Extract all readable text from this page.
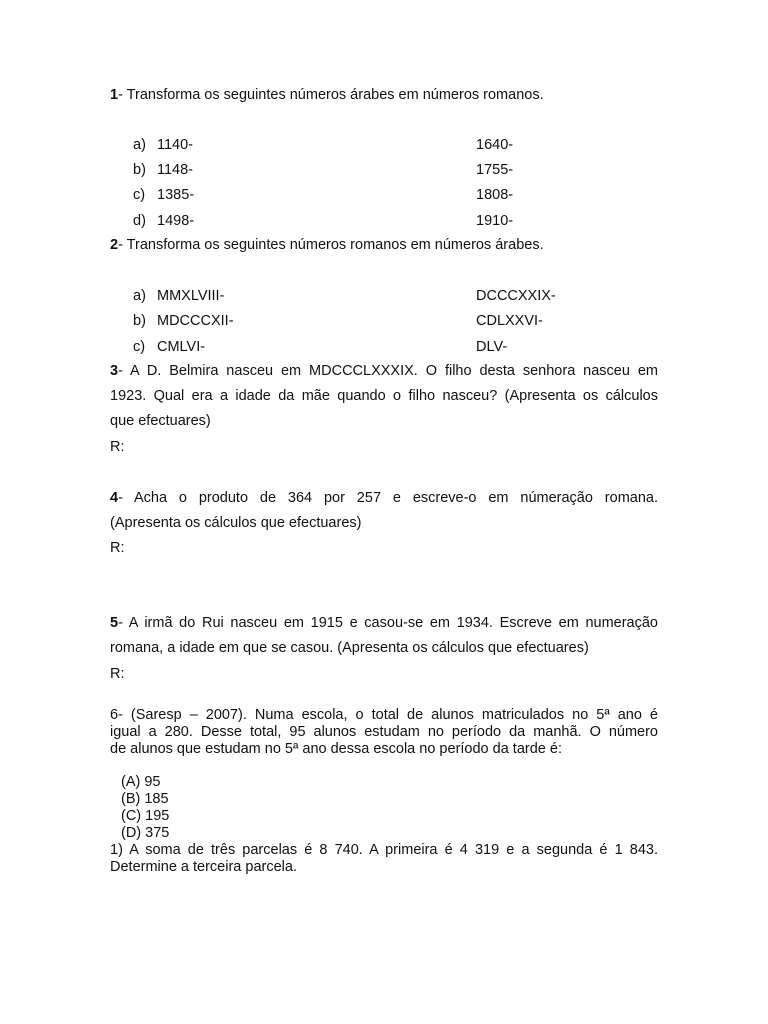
1- Transforma os seguintes números árabes em números romanos.
a) 1140-	1640-
b) 1148-	1755-
c) 1385-	1808-
d) 1498-	1910-
2- Transforma os seguintes números romanos em números árabes.
a) MMXLVIII-	DCCCXXIX-
b) MDCCCXII-	CDLXXVI-
c) CMLVI-	DLV-
3- A D. Belmira nasceu em MDCCCLXXXIX. O filho desta senhora nasceu em
1923. Qual era a idade da mãe quando o filho nasceu? (Apresenta os cálculos
que efectuares)
R:
4- Acha o produto de 364 por 257 e escreve-o em númeração romana.
(Apresenta os cálculos que efectuares)
R:
5- A irmã do Rui nasceu em 1915 e casou-se em 1934. Escreve em numeração
romana, a idade em que se casou. (Apresenta os cálculos que efectuares)
R:
6- (Saresp – 2007). Numa escola, o total de alunos matriculados no 5ª ano é
igual a 280. Desse total, 95 alunos estudam no período da manhã. O número
de alunos que estudam no 5ª ano dessa escola no período da tarde é:
(A) 95
(B) 185
(C) 195
(D) 375
1) A soma de três parcelas é 8 740. A primeira é 4 319 e a segunda é 1 843.
Determine a terceira parcela.
